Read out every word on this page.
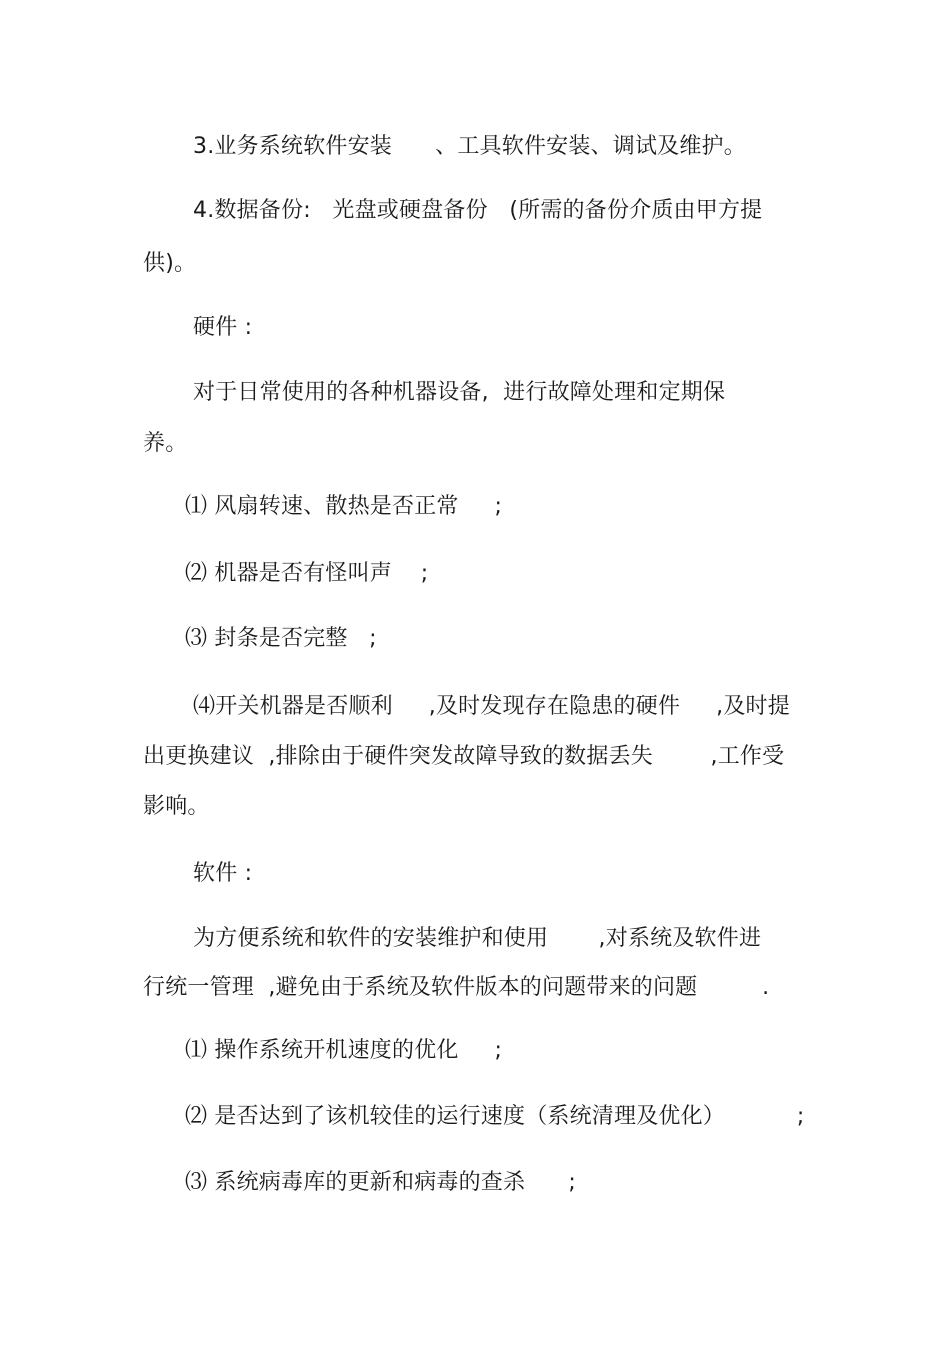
3.业务系统软件安装      、工具软件安装、调试及维护。
4.数据备份:   光盘或硬盘备份   (所需的备份介质由甲方提
供)。
硬件 :
对于日常使用的各种机器设备,  进行故障处理和定期保
养。
⑴ 风扇转速、散热是否正常     ;
⑵ 机器是否有怪叫声    ;
⑶ 封条是否完整   ;
⑷开关机器是否顺利     ,及时发现存在隐患的硬件     ,及时提
出更换建议  ,排除由于硬件突发故障导致的数据丢失        ,工作受
影响。
软件 :
为方便系统和软件的安装维护和使用       ,对系统及软件进
行统一管理  ,避免由于系统及软件版本的问题带来的问题         .
⑴ 操作系统开机速度的优化     ;
⑵ 是否达到了该机较佳的运行速度（系统清理及优化）          ;
⑶ 系统病毒库的更新和病毒的查杀      ;
